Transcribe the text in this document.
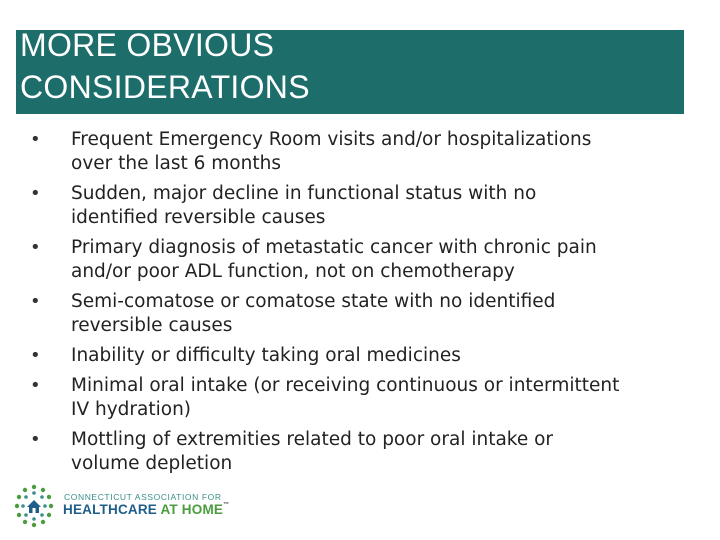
MORE OBVIOUS
CONSIDERATIONS
• Frequent Emergency Room visits and/or hospitalizations
over the last 6 months
• Sudden, major decline in functional status with no
identified reversible causes
• Primary diagnosis of metastatic cancer with chronic pain
and/or poor ADL function, not on chemotherapy
• Semi-comatose or comatose state with no identified
reversible causes
• Inability or difficulty taking oral medicines
• Minimal oral intake (or receiving continuous or intermittent
IV hydration)
• Mottling of extremities related to poor oral intake or
volume depletion
CONNECTICUT ASSOCIATION FOR
HEALTHCARE AT HOME™
